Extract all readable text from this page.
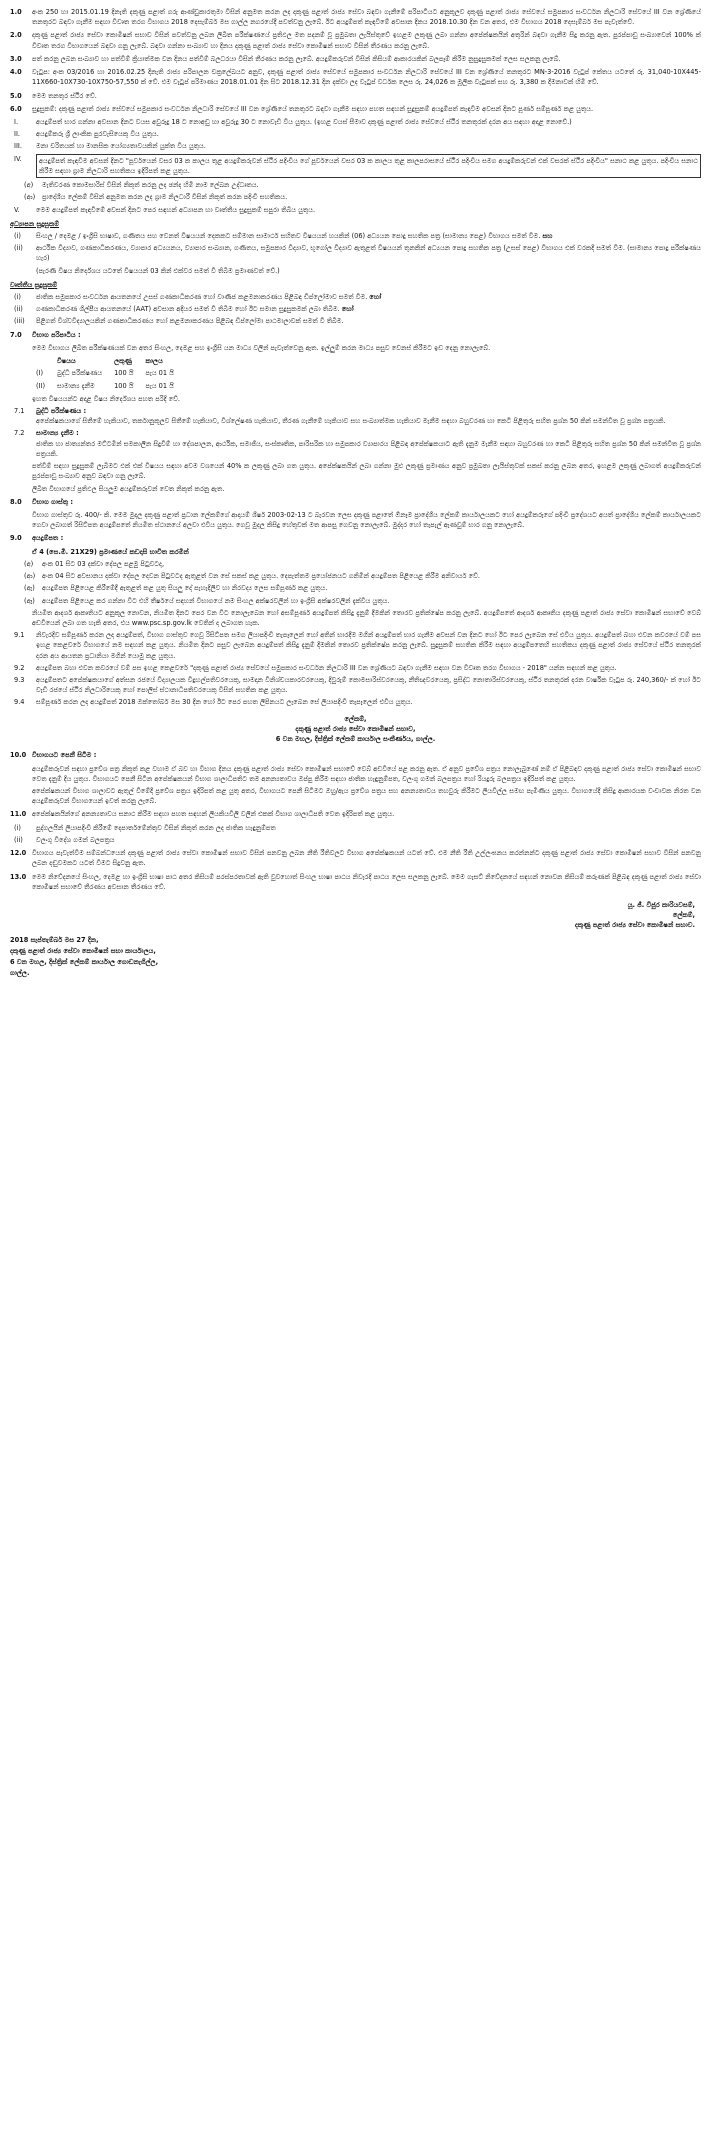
1.0	අංක 250 හා 2015.01.19 දිනැති දකුණු පළාත් ගරු ආණ්ඩුකාරතුමා විසින් අනුමත කරන ලද දකුණු පළාත් රාජ්‍ය සේවා බඳවා ගැනීමේ පරිපාටියට අනුකූලව දකුණු පළාත් රාජ්‍ය සේවයේ සමුපකාර සංවර්ධන නිලධාරි සේවයේ III වන ශ්‍රේණියේ තනතුරට බඳවා ගැනීම සඳහා විවෘත තරග විභාගය 2018 දෙසැම්බර් මස ගාල්ල නගරයේදී පවත්වනු ලැබේ. ඊට අයදුම්පත් කැඳවීමේ අවසාන දිනය 2018.10.30 දින වන අතර, එම විභාගය 2018 දෙසැම්බර් මස පැවැත්වේ.
2.0	දකුණු පළාත් රාජ්‍ය සේවා කොමිෂන් සභාව විසින් පවත්වනු ලබන ලිඛිත පරීක්ෂණයේ ප්‍රතිඵල මත පදනම් වූ ප්‍රමුඛතා ලැයිස්තුවේ ඉහළම ලකුණු ලබා ගන්නා අපේක්ෂකයින් අතුරින් බඳවා ගැනීම සිදු කරනු ඇත. පුරප්පාඩු සංඛ්‍යාවෙන් 100% ක් විවෘත තරග විභාගයෙන් බඳවා ගනු ලැබේ. බඳවා ගන්නා සංඛ්‍යාව හා දිනය දකුණු පළාත් රාජ්‍ය සේවා කොමිෂන් සභාව විසින් තීරණය කරනු ලැබේ.
3.0	පත් කරනු ලබන සංඛ්‍යාව හා පත්වීම් ක්‍රියාත්මක වන දිනය පත්වීම් බලධරයා විසින් තීරණය කරනු ලැබේ. අයදුම්කරුවන් විසින් කිසියම් ආකාරයකින් බලපෑම් කිරීම නුසුදුසුකමක් ලෙස සලකනු ලැබේ.
4.0	වැටුප: අංක 03/2016 හා 2016.02.25 දිනැති රාජ්‍ය පරිපාලන චක්‍රලේඛයට අනුව, දකුණු පළාත් රාජ්‍ය සේවයේ සමුපකාර සංවර්ධන නිලධාරි සේවයේ III වන ශ්‍රේණියේ තනතුරට MN-3-2016 වැටුප් කේතය යටතේ රු. 31,040-10X445-11X660-10X730-10X750-57,550 ක් වේ. එම වැටුප් පරිමාණය 2018.01.01 දින සිට 2018.12.31 දින දක්වා ලද වැටුප් වර්ධක ලෙස රු. 24,026 ක මූලික වැටුපක් සහ රු. 3,380 ක දීමනාවක් හිමි වේ.
5.0	මෙම තනතුර ස්ථිර වේ.
6.0	සුදුසුකම්: දකුණු පළාත් රාජ්‍ය සේවයේ සමුපකාර සංවර්ධන නිලධාරි සේවයේ III වන ශ්‍රේණියේ තනතුරට බඳවා ගැනීම සඳහා පහත සඳහන් සුදුසුකම් අයදුම්පත් කැඳවීම අවසන් දිනට පූර්ණ සම්පූර්ණ කළ යුතුය.
I.	අයදුම්පත් භාර ගන්නා අවසාන දිනට වයස අවුරුදු 18 ට නොඅඩු හා අවුරුදු 30 ට නොවැඩි විය යුතුය. (ඉහළ වයස් සීමාව දකුණු පළාත් රාජ්‍ය සේවයේ ස්ථිර තනතුරක් දරන අය සඳහා අදාළ නොවේ.)
II.	අයදුම්කරු ශ්‍රී ලාංකික පුරවැසියෙකු විය යුතුය.
III.	මනා චරිතයක් හා මානසික යෝග්‍යතාවයකින් යුක්ත විය යුතුය.
IV.	අයදුම්පත් කැඳවීම අවසන් දිනට "පූර්වයෙන් වසර 03 ක කාලය තුළ අයදුම්කරුවන් ස්ථිර පදිංචිය ගේ පූර්වයෙන් වසර 03 ක කාලය තුළ කාලපරාසයේ ස්ථිර පදිංචිය සමග අයදුම්කරුවන් එක් වසරක් ස්ථිර පදිංචිය" සනාථ කළ යුතුය. පදිංචිය සනාථ කිරීම සඳහා ග්‍රාම නිලධාරි සහතිකය ඉදිරිපත් කළ යුතුය.
(අ)	මැතිවරණ කොමසාරිස් විසින් නිකුත් කරනු ලද ඡන්ද හිමි නාම ලේඛන උද්ධෘතය.
(ආ)	ප්‍රාදේශීය ලේකම් විසින් අනුමත කරන ලද ග්‍රාම නිලධාරී විසින් නිකුත් කරන පදිංචි සහතිකය.
V.	මෙම අයදුම්පත් කැඳවීමේ අවසන් දිනට පෙර සඳහන් අධ්‍යාපන හා වෘත්තීය සුදුසුකම් සපුරා තිබිය යුතුය.
අධ්‍යාපන සුදුසුකම්
(i)	සිංහල / දෙමළ / ඉංග්‍රීසි භාෂාව, ගණිතය සහ වෙනත් විෂයයන් දෙකකට සම්මාන සාමාර්ථ සහිතව විෂයයන් හයකින් (06) අධ්‍යයන පොදු සහතික පත්‍ර (සාමාන්‍ය පෙළ) විභාගය සමත් වීම. සහ
(ii)	ආර්ථික විද්‍යාව, ගණකාධිකරණය, ව්‍යාපාර අධ්‍යයනය, ව්‍යාපාර සංඛ්‍යාන, ගණිතය, සමුපකාර විද්‍යාව, භූගෝල විද්‍යාව ඇතුළත් විෂයයන් තුනකින් අධ්‍යයන පොදු සහතික පත්‍ර (උසස් පෙළ) විභාගය එක් වරකදී සමත් වීම. (සාමාන්‍ය පොදු පරීක්ෂණය හැර)
(පැරණි විෂය නිර්දේශය යටතේ විෂයයන් 03 කින් එක්වර සමත් වී තිබීම ප්‍රමාණවත් වේ.)
වෘත්තීය සුදුසුකම්
(i)	ජාතික සමුපකාර සංවර්ධන ආයතනයේ උසස් ගණකාධිකරණ හෝ වාණිජ කළමනාකරණය පිළිබඳ ඩිප්ලෝමාව සමත් වීම. හෝ
(ii)	ගණකාධිකරණ ශිල්පීය ආයතනයේ (AAT) අවසාන අදියර සමත් වී තිබීම හෝ ඊට සමාන සුදුසුකමක් ලබා තිබීම. හෝ
(iii)	පිළිගත් විශ්වවිද්‍යාලයකින් ගණකාධිකරණය හෝ කළමනාකරණය පිළිබඳ ඩිප්ලෝමා පාඨමාලාවක් සමත් වී තිබීම.
7.0	විභාග පරිපාටිය :
මෙම විභාගය ලිඛිත පරීක්ෂණයක් වන අතර සිංහල, දෙමළ සහ ඉංග්‍රීසි යන මාධ්‍ය වලින් පැවැත්වෙනු ඇත. ඉල්ලුම් කරන මාධ්‍ය පසුව වෙනස් කිරීමට ඉඩ දෙනු නොලැබේ.
	විෂයය	ලකුණු	කාලය
(I)	බුද්ධි පරීක්ෂණය	100 යි	පැය 01 යි
(II)	සාමාන්‍ය දැනීම	100 යි	පැය 01 යි
ඉහත විෂයයන්ට අදාළ විෂය නිර්දේශය පහත පරිදි වේ.
7.1	බුද්ධි පරීක්ෂණය :
අපේක්ෂකයාගේ සිතීමේ හැකියාව, තර්කානුකූලව සිතීමේ හැකියාව, විශ්ලේෂණ හැකියාව, තීරණ ගැනීමේ හැකියාව සහ සංඛ්‍යාත්මක හැකියාව මැනීම සඳහා බහුවරණ හා කෙටි පිළිතුරු සහිත ප්‍රශ්න 50 කින් සමන්විත වූ ප්‍රශ්න පත්‍රයකි.
7.2	සාමාන්‍ය දැනීම :
ජාතික හා ජාත්‍යන්තර මට්ටමින් සමකාලීන සිදුවීම් හා දේශපාලන, ආර්ථික, සමාජීය, සංස්කෘතික, පාරිසරික හා සමුපකාර ව්‍යාපාරය පිළිබඳ අපේක්ෂකයාට ඇති දැනුම මැනීම සඳහා බහුවරණ හා කෙටි පිළිතුරු සහිත ප්‍රශ්න 50 කින් සමන්විත වූ ප්‍රශ්න පත්‍රයකි.
පත්වීම් සඳහා සුදුසුකම් ලැබීමට එක් එක් විෂයය සඳහා අවම වශයෙන් 40% ක ලකුණු ලබා ගත යුතුය. අපේක්ෂකයින් ලබා ගන්නා මුළු ලකුණු ප්‍රමාණය අනුව ප්‍රමුඛතා ලැයිස්තුවක් සකස් කරනු ලබන අතර, ඉහළම ලකුණු ලබාගත් අයදුම්කරුවන් පුරප්පාඩු සංඛ්‍යාව අනුව බඳවා ගනු ලැබේ.
ලිඛිත විභාගයේ ප්‍රතිඵල සියලුම අයදුම්කරුවන් වෙත නිකුත් කරනු ඇත.
8.0	විභාග ගාස්තු :
විභාග ගාස්තුව රු. 400/- කි. මෙම මුදල දකුණු පළාත් ප්‍රධාන ලේකම්ගේ ආදායම් ශීර්ෂ 2003-02-13 ට බැරවන ලෙස දකුණු පළාතේ ඕනෑම ප්‍රාදේශීය ලේකම් කාර්යාලයකට හෝ අයදුම්කරුගේ පදිංචි ප්‍රදේශයට අයත් ප්‍රාදේශීය ලේකම් කාර්යාලයකට ගෙවා ලබාගත් රිසිට්පත අයදුම්පතේ නියමිත ස්ථානයේ අලවා එවිය යුතුය. ගෙවූ මුදල කිසිදු හේතුවක් මත ආපසු ගෙවනු නොලැබේ. මුද්දර හෝ තැපැල් ඇණවුම් භාර ගනු නොලැබේ.
9.0	අයදුම්පත :
ඒ 4 (සෙ.මී. 21X29) ප්‍රමාණයේ කඩදාසි භාවිත කරමින්
(අ)	අංක 01 සිට 03 දක්වා දේපල පළමු පිටුවටද,
(ආ)	අංක 04 සිට අවසානය දක්වා දේපල දෙවන පිටුවටද ඇතුළත් වන සේ සකස් කළ යුතුය. දෙපැත්තම ප්‍රයෝජනයට ගනිමින් අයදුම්පත පිළියෙළ කිරීම අනිවාර්ය වේ.
(ඇ)	අයදුම්පත පිළියෙළ කිරීමේදී ඇතුළත් කළ යුතු සියලු දේ පැහැදිලිව හා නිරවද්‍ය ලෙස සම්පූර්ණ කළ යුතුය.
(ඈ)	අයදුම්පත පිළියෙළ කර ගන්නා විට එහි තීර්ෂයේ සඳහන් විභාගයේ නම සිංහල අක්ෂරවලින් හා ඉංග්‍රීසි අක්ෂරවලින් දැක්විය යුතුය.
නියමිත ආදර්ශ ආකෘතියට අනුකූල නොවන, නියමිත දිනට පෙර වන විට නොලැබෙන හෝ අසම්පූර්ණ අයදුම්පත් කිසිදු දැනුම් දීමකින් තොරව ප්‍රතික්ෂේප කරනු ලැබේ. අයදුම්පතේ ආදර්ශ ආකෘතිය දකුණු පළාත් රාජ්‍ය සේවා කොමිෂන් සභාවේ වෙබ් අඩවියෙන් ලබා ගත හැකි අතර, එය www.psc.sp.gov.lk වෙතින් ද ලබාගත හැක.
9.1	නිවැරදිව සම්පූර්ණ කරන ලද අයදුම්පත්, විභාග ගාස්තුව ගෙවූ රිසිට්පත සමග ලියාපදිංචි තැපෑලෙන් හෝ අතින් භාරදීම මගින් අයදුම්පත් භාර ගැනීම අවසන් වන දිනට හෝ ඊට පෙර ලැබෙන සේ එවිය යුතුය. අයදුම්පත් බහා එවන කවරයේ වම් පස ඉහළ කෙළවරේ විභාගයේ නම සඳහන් කළ යුතුය. නියමිත දිනට පසුව ලැබෙන අයදුම්පත් කිසිදු දැනුම් දීමකින් තොරව ප්‍රතික්ෂේප කරනු ලැබේ. සුදුසුකම් සහතික කිරීම සඳහා අයදුම්පතෙහි සහතිකය දකුණු පළාත් රාජ්‍ය සේවයේ ස්ථිර තනතුරක් දරන අය ආයතන ප්‍රධානියා මගින් යොමු කළ යුතුය.
9.2	අයදුම්පත බහා එවන කවරයේ වම් පස ඉහළ කෙළවරේ "දකුණු පළාත් රාජ්‍ය සේවයේ සමුපකාර සංවර්ධන නිලධාරි III වන ශ්‍රේණියට බඳවා ගැනීම සඳහා වන විවෘත තරග විභාගය - 2018" යන්න සඳහන් කළ යුතුය.
9.3	අයදුම්පතට අපේක්ෂකයාගේ අත්සන රජයේ විද්‍යාලයක විදුහල්පතිවරයෙකු, සාමදාන විනිශ්චයකාරවරයෙකු, දිවුරුම් කොමසාරිස්වරයෙකු, නීතිඥවරයෙකු, ප්‍රසිද්ධ නොතාරිස්වරයෙකු, ස්ථිර තනතුරක් දරන වාර්ෂික වැටුප රු. 240,360/- ක් හෝ ඊට වැඩි රජයේ ස්ථිර නිලධාරියෙකු හෝ පොලිස් ස්ථානාධිපතිවරයෙකු විසින් සහතික කළ යුතුය.
9.4	සම්පූර්ණ කරන ලද අයදුම්පත් 2018 ඔක්තෝබර් මස 30 දින හෝ ඊට පෙර පහත ලිපිනයට ලැබෙන සේ ලියාපදිංචි තැපෑලෙන් එවිය යුතුය.
ලේකම්,
දකුණු පළාත් රාජ්‍ය සේවා කොමිෂන් සභාව,
6 වන මහල, දිස්ත්‍රික් ලේකම් කාර්යාල සංකීර්ණය, ගාල්ල.
10.0 විභාගයට පෙනී සිටීම :
අයදුම්කරුවන් සඳහා ප්‍රවේශ පත්‍ර නිකුත් කළ වහාම ඒ බව හා විභාග දිනය දකුණු පළාත් රාජ්‍ය සේවා කොමිෂන් සභාවේ වෙබ් අඩවියේ පළ කරනු ඇත. ඒ අනුව ප්‍රවේශ පත්‍රය නොලැබුණේ නම් ඒ පිළිබඳව දකුණු පළාත් රාජ්‍ය සේවා කොමිෂන් සභාව වෙත දැනුම් දිය යුතුය. විභාගයට පෙනී සිටින අපේක්ෂකයන් විභාග ශාලාධිපතිට තම අනන්‍යතාවය ඔප්පු කිරීම සඳහා ජාතික හැඳුනුම්පත, වලංගු ගමන් බලපත්‍රය හෝ රියදුරු බලපත්‍රය ඉදිරිපත් කළ යුතුය.
අපේක්ෂකයන් විභාග ශාලාවට ඇතුල් වීමේදී ප්‍රවේශ පත්‍රය ඉදිරිපත් කළ යුතු අතර, විභාගයට පෙනී සිටීමට ඔහු/ඇය ප්‍රවේශ පත්‍රය සහ අනන්‍යතාවය තහවුරු කිරීමට ලියවිල්ල සමඟ පැමිණිය යුතුය. විභාගයේදී කිසිදු ආකාරයක වංචාවක නිරත වන අයදුම්කරුවන් විභාගයෙන් ඉවත් කරනු ලැබේ.
11.0 අපේක්ෂකයින්ගේ අනන්‍යතාවය සනාථ කිරීම සඳහා පහත සඳහන් ලියකියවිලි වලින් එකක් විභාග ශාලාධිපති වෙත ඉදිරිපත් කළ යුතුය.
(i)	පුද්ගලයින් ලියාපදිංචි කිරීමේ දෙපාර්තමේන්තුව විසින් නිකුත් කරන ලද ජාතික හැඳුනුම්පත
(ii)	වලංගු විදේශ ගමන් බලපත්‍රය
12.0 විභාගය පැවැත්වීම සම්බන්ධයෙන් දකුණු පළාත් රාජ්‍ය සේවා කොමිෂන් සභාව විසින් පනවනු ලබන නීති රීතිවලට විභාග අපේක්ෂකයන් යටත් වේ. එම නීති රීති උල්ලංඝනය කරන්නන්ට දකුණු පළාත් රාජ්‍ය සේවා කොමිෂන් සභාව විසින් පනවනු ලබන දඬුවමකට යටත් විමට සිදුවනු ඇත.
13.0 මෙම නිවේදනයේ සිංහල, දෙමළ හා ඉංග්‍රීසි භාෂා පාඨ අතර කිසියම් පරස්පරතාවක් ඇති වුවහොත් සිංහල භාෂා පාඨය නිවැරදි පාඨය ලෙස සලකනු ලැබේ. මෙම ගැසට් නිවේදනයේ සඳහන් නොවන කිසියම් කරුණක් පිළිබඳ දකුණු පළාත් රාජ්‍ය සේවා කොමිෂන් සභාවේ තීරණය අවසාන තීරණය වේ.
යූ. ජී. විජුර කාරියවසම්,
ලේකම්,
දකුණු පළාත් රාජ්‍ය සේවා කොමිෂන් සභාව.
2018 සැප්තැම්බර් මස 27 දින,
දකුණු පළාත් රාජ්‍ය සේවා කොමිෂන් සභා කාර්යාලය,
6 වන මහල, දිස්ත්‍රික් ලේකම් කාර්යාල ගොඩනැගිල්ල,
ගාල්ල.
